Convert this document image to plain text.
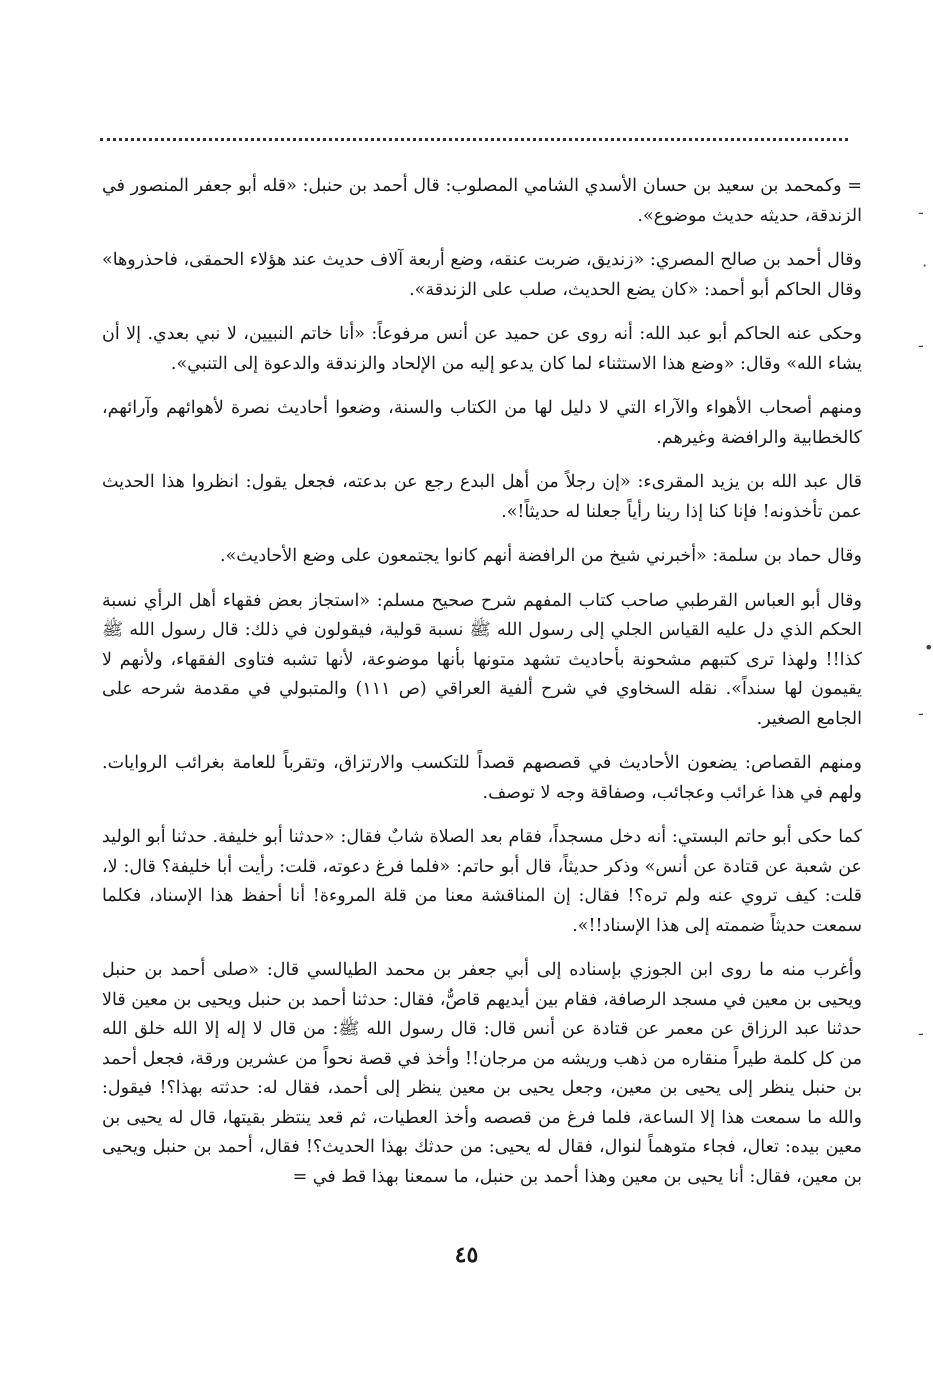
-
·
-
•
-
-

= وكمحمد بن سعيد بن حسان الأسدي الشامي المصلوب: قال أحمد بن حنبل: «قله أبو جعفر المنصور في الزندقة، حديثه حديث موضوع».

وقال أحمد بن صالح المصري: «زنديق، ضربت عنقه، وضع أربعة آلاف حديث عند هؤلاء الحمقى، فاحذروها» وقال الحاكم أبو أحمد: «كان يضع الحديث، صلب على الزندقة».

وحكى عنه الحاكم أبو عبد الله: أنه روى عن حميد عن أنس مرفوعاً: «أنا خاتم النبيين، لا نبي بعدي. إلا أن يشاء الله» وقال: «وضع هذا الاستثناء لما كان يدعو إليه من الإلحاد والزندقة والدعوة إلى التنبي».

ومنهم أصحاب الأهواء والآراء التي لا دليل لها من الكتاب والسنة، وضعوا أحاديث نصرة لأهوائهم وآرائهم، كالخطابية والرافضة وغيرهم.

قال عبد الله بن يزيد المقرىء: «إن رجلاً من أهل البدع رجع عن بدعته، فجعل يقول: انظروا هذا الحديث عمن تأخذونه! فإنا كنا إذا رينا رأياً جعلنا له حديثاً!».

وقال حماد بن سلمة: «أخبرني شيخ من الرافضة أنهم كانوا يجتمعون على وضع الأحاديث».

وقال أبو العباس القرطبي صاحب كتاب المفهم شرح صحيح مسلم: «استجاز بعض فقهاء أهل الرأي نسبة الحكم الذي دل عليه القياس الجلي إلى رسول الله ﷺ نسبة قولية، فيقولون في ذلك: قال رسول الله ﷺ كذا!! ولهذا ترى كتبهم مشحونة بأحاديث تشهد متونها بأنها موضوعة، لأنها تشبه فتاوى الفقهاء، ولأنهم لا يقيمون لها سنداً». نقله السخاوي في شرح ألفية العراقي (ص ١١١) والمتبولي في مقدمة شرحه على الجامع الصغير.

ومنهم القصاص: يضعون الأحاديث في قصصهم قصداً للتكسب والارتزاق، وتقرباً للعامة بغرائب الروايات. ولهم في هذا غرائب وعجائب، وصفاقة وجه لا توصف.

كما حكى أبو حاتم البستي: أنه دخل مسجداً، فقام بعد الصلاة شابٌ فقال: «حدثنا أبو خليفة. حدثنا أبو الوليد عن شعبة عن قتادة عن أنس» وذكر حديثاً، قال أبو حاتم: «فلما فرغ دعوته، قلت: رأيت أبا خليفة؟ قال: لا، قلت: كيف تروي عنه ولم تره؟! فقال: إن المناقشة معنا من قلة المروءة! أنا أحفظ هذا الإسناد، فكلما سمعت حديثاً ضممته إلى هذا الإسناد!!».

وأغرب منه ما روى ابن الجوزي بإسناده إلى أبي جعفر بن محمد الطيالسي قال: «صلى أحمد بن حنبل ويحيى بن معين في مسجد الرصافة، فقام بين أيديهم قاصٌّ، فقال: حدثنا أحمد بن حنبل ويحيى بن معين قالا حدثنا عبد الرزاق عن معمر عن قتادة عن أنس قال: قال رسول الله ﷺ: من قال لا إله إلا الله خلق الله من كل كلمة طيراً منقاره من ذهب وريشه من مرجان!! وأخذ في قصة نحواً من عشرين ورقة، فجعل أحمد بن حنبل ينظر إلى يحيى بن معين، وجعل يحيى بن معين ينظر إلى أحمد، فقال له: حدثته بهذا؟! فيقول: والله ما سمعت هذا إلا الساعة، فلما فرغ من قصصه وأخذ العطيات، ثم قعد ينتظر بقيتها، قال له يحيى بن معين بيده: تعال، فجاء متوهماً لنوال، فقال له يحيى: من حدثك بهذا الحديث؟! فقال، أحمد بن حنبل ويحيى بن معين، فقال: أنا يحيى بن معين وهذا أحمد بن حنبل، ما سمعنا بهذا قط في =

٤٥
